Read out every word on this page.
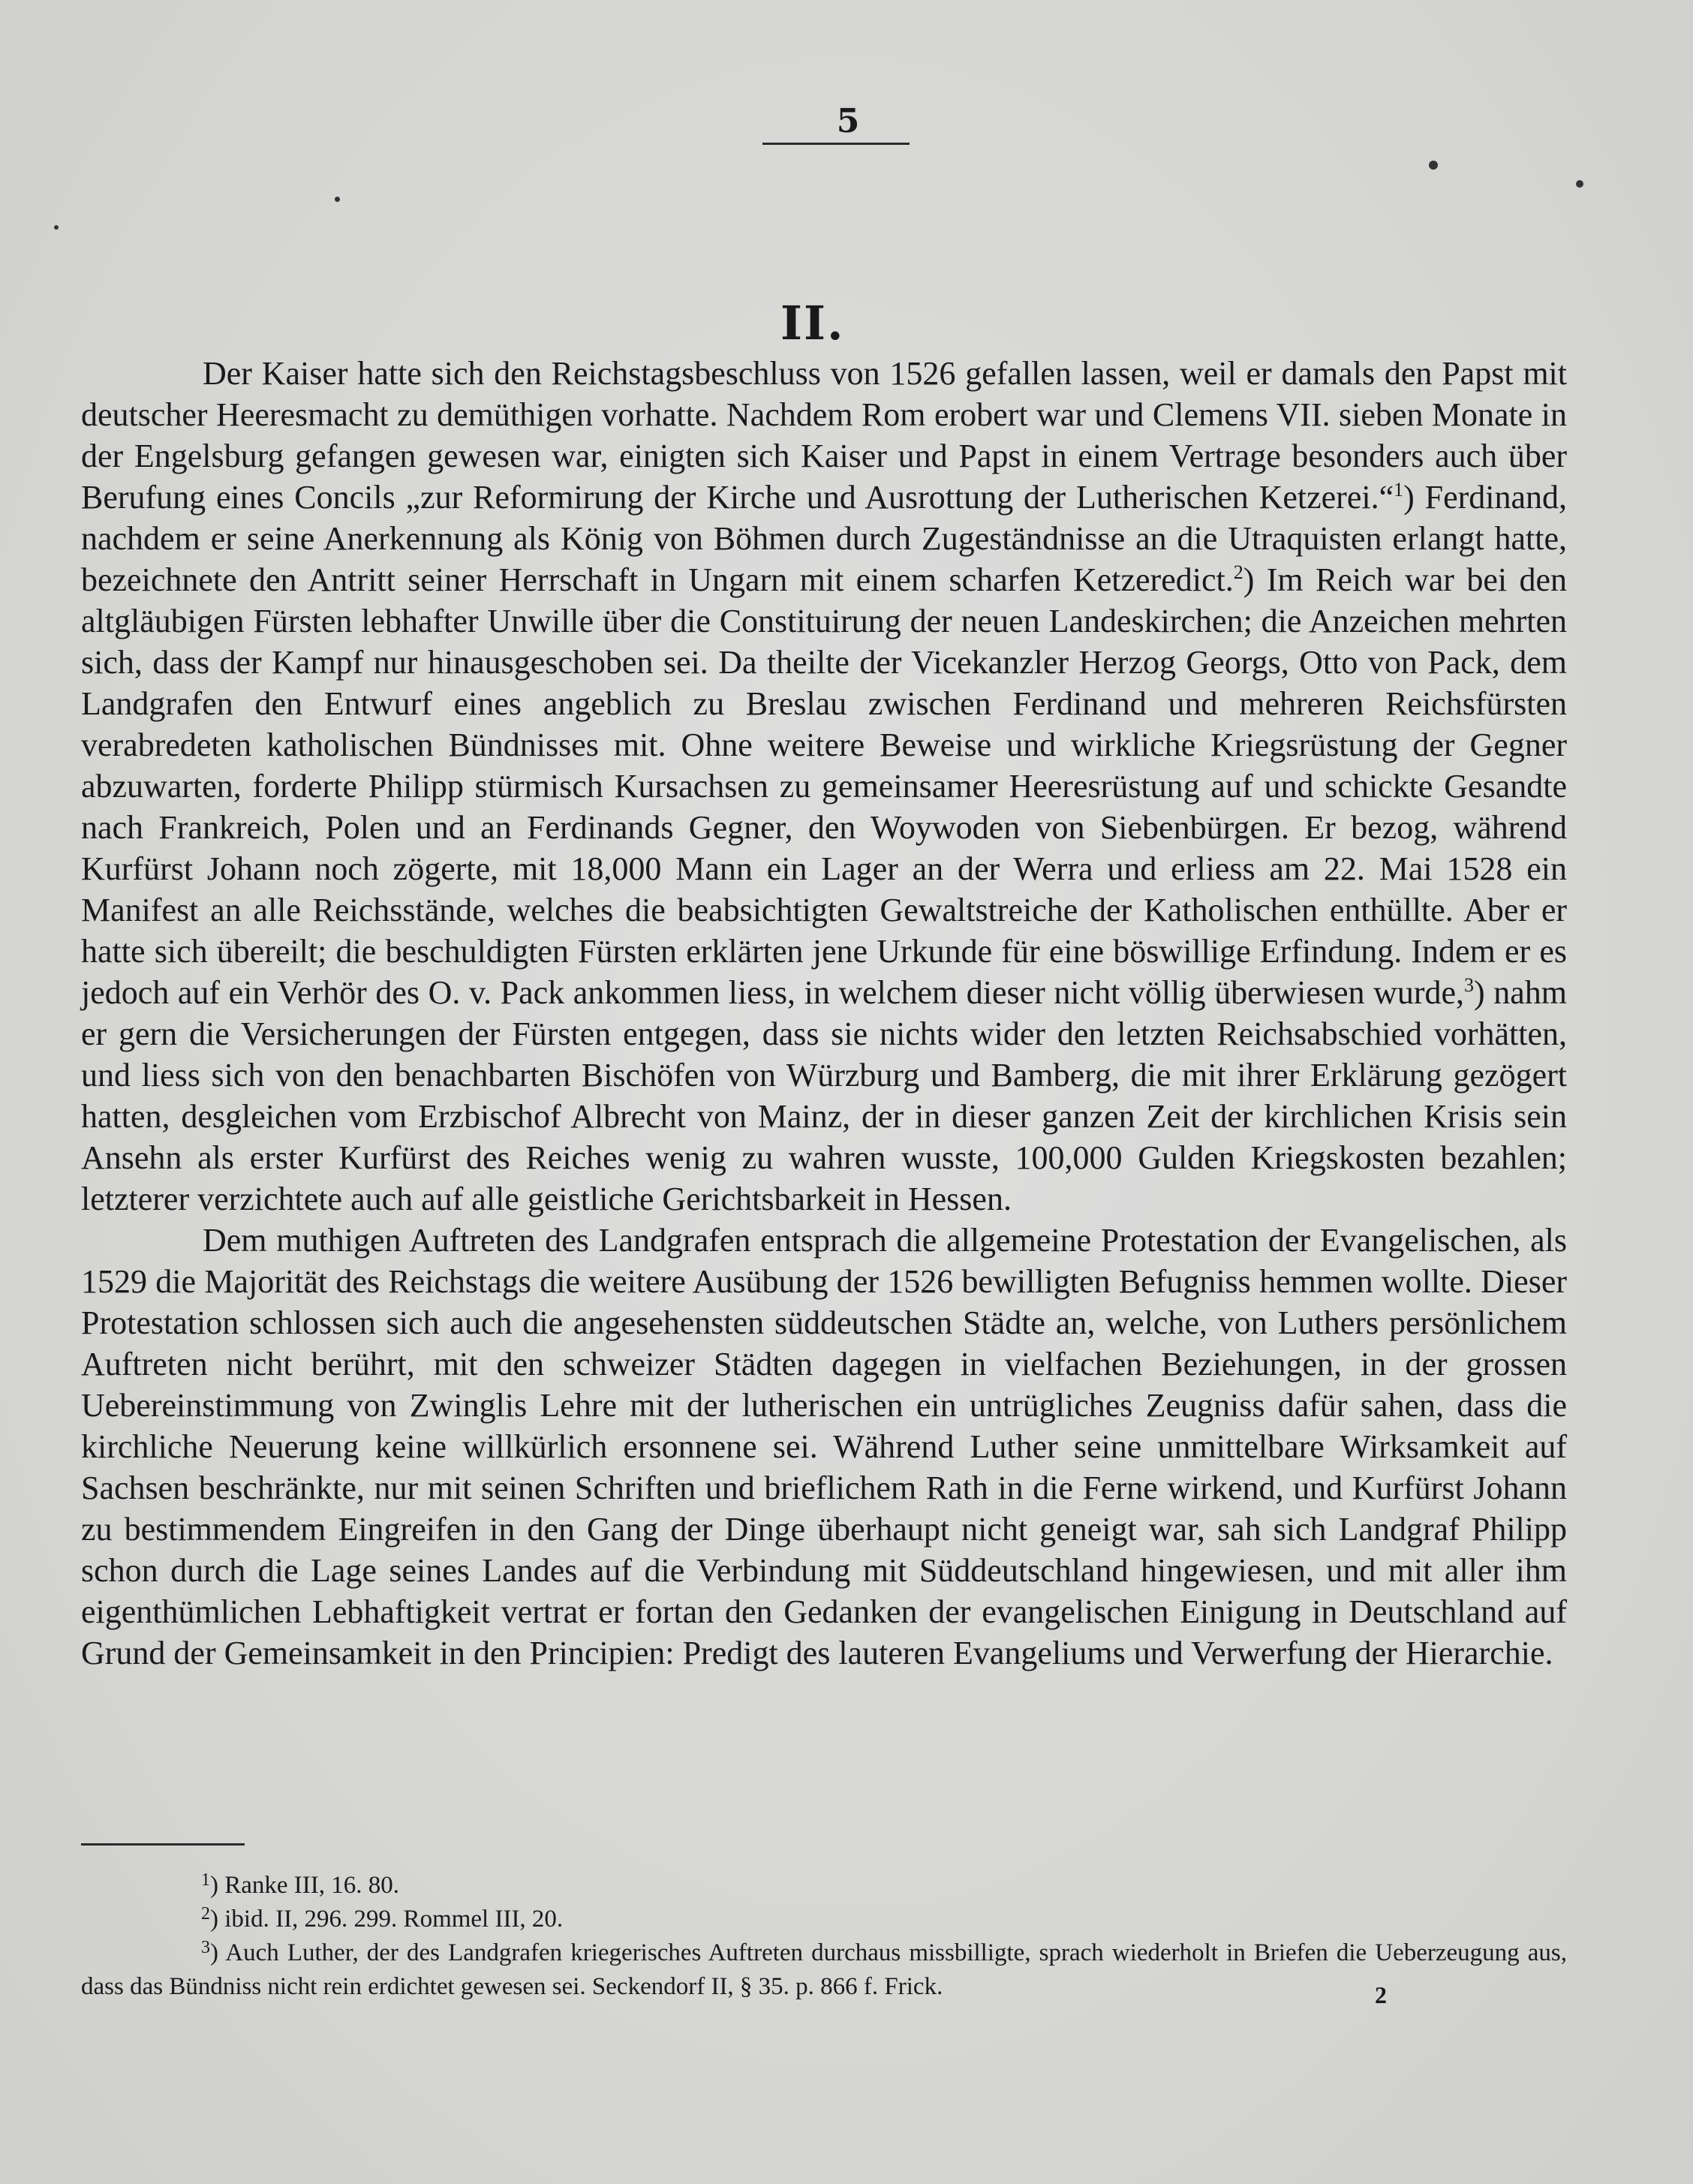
5
II.

Der Kaiser hatte sich den Reichstagsbeschluss von 1526 gefallen lassen, weil er damals den Papst mit deutscher Heeresmacht zu demüthigen vorhatte. Nachdem Rom erobert war und Clemens VII. sieben Monate in der Engelsburg gefangen gewesen war, einigten sich Kaiser und Papst in einem Vertrage besonders auch über Berufung eines Concils „zur Reformirung der Kirche und Ausrottung der Lutherischen Ketzerei.“$^1$) Ferdinand, nachdem er seine Anerkennung als König von Böhmen durch Zugeständnisse an die Utraquisten erlangt hatte, bezeichnete den Antritt seiner Herrschaft in Ungarn mit einem scharfen Ketzeredict.$^2$) Im Reich war bei den altgläubigen Fürsten lebhafter Unwille über die Constituirung der neuen Landeskirchen; die Anzeichen mehrten sich, dass der Kampf nur hinausgeschoben sei. Da theilte der Vicekanzler Herzog Georgs, Otto von Pack, dem Landgrafen den Entwurf eines angeblich zu Breslau zwischen Ferdinand und mehreren Reichsfürsten verabredeten katholischen Bündnisses mit. Ohne weitere Beweise und wirkliche Kriegsrüstung der Gegner abzuwarten, forderte Philipp stürmisch Kursachsen zu gemeinsamer Heeresrüstung auf und schickte Gesandte nach Frankreich, Polen und an Ferdinands Gegner, den Woywoden von Siebenbürgen. Er bezog, während Kurfürst Johann noch zögerte, mit 18,000 Mann ein Lager an der Werra und erliess am 22. Mai 1528 ein Manifest an alle Reichsstände, welches die beabsichtigten Gewaltstreiche der Katholischen enthüllte. Aber er hatte sich übereilt; die beschuldigten Fürsten erklärten jene Urkunde für eine böswillige Erfindung. Indem er es jedoch auf ein Verhör des O. v. Pack ankommen liess, in welchem dieser nicht völlig überwiesen wurde,$^3$) nahm er gern die Versicherungen der Fürsten entgegen, dass sie nichts wider den letzten Reichsabschied vorhätten, und liess sich von den benachbarten Bischöfen von Würzburg und Bamberg, die mit ihrer Erklärung gezögert hatten, desgleichen vom Erzbischof Albrecht von Mainz, der in dieser ganzen Zeit der kirchlichen Krisis sein Ansehn als erster Kurfürst des Reiches wenig zu wahren wusste, 100,000 Gulden Kriegskosten bezahlen; letzterer verzichtete auch auf alle geistliche Gerichtsbarkeit in Hessen.

Dem muthigen Auftreten des Landgrafen entsprach die allgemeine Protestation der Evangelischen, als 1529 die Majorität des Reichstags die weitere Ausübung der 1526 bewilligten Befugniss hemmen wollte. Dieser Protestation schlossen sich auch die angesehensten süddeutschen Städte an, welche, von Luthers persönlichem Auftreten nicht berührt, mit den schweizer Städten dagegen in vielfachen Beziehungen, in der grossen Uebereinstimmung von Zwinglis Lehre mit der lutherischen ein untrügliches Zeugniss dafür sahen, dass die kirchliche Neuerung keine willkürlich ersonnene sei. Während Luther seine unmittelbare Wirksamkeit auf Sachsen beschränkte, nur mit seinen Schriften und brieflichem Rath in die Ferne wirkend, und Kurfürst Johann zu bestimmendem Eingreifen in den Gang der Dinge überhaupt nicht geneigt war, sah sich Landgraf Philipp schon durch die Lage seines Landes auf die Verbindung mit Süddeutschland hingewiesen, und mit aller ihm eigenthümlichen Lebhaftigkeit vertrat er fortan den Gedanken der evangelischen Einigung in Deutschland auf Grund der Gemeinsamkeit in den Principien: Predigt des lauteren Evangeliums und Verwerfung der Hierarchie.

$^1$) Ranke III, 16. 80.

$^2$) ibid. II, 296. 299. Rommel III, 20.

$^3$) Auch Luther, der des Landgrafen kriegerisches Auftreten durchaus missbilligte, sprach wiederholt in Briefen die Ueberzeugung aus, dass das Bündniss nicht rein erdichtet gewesen sei. Seckendorf II, § 35. p. 866 f. Frick.	2
